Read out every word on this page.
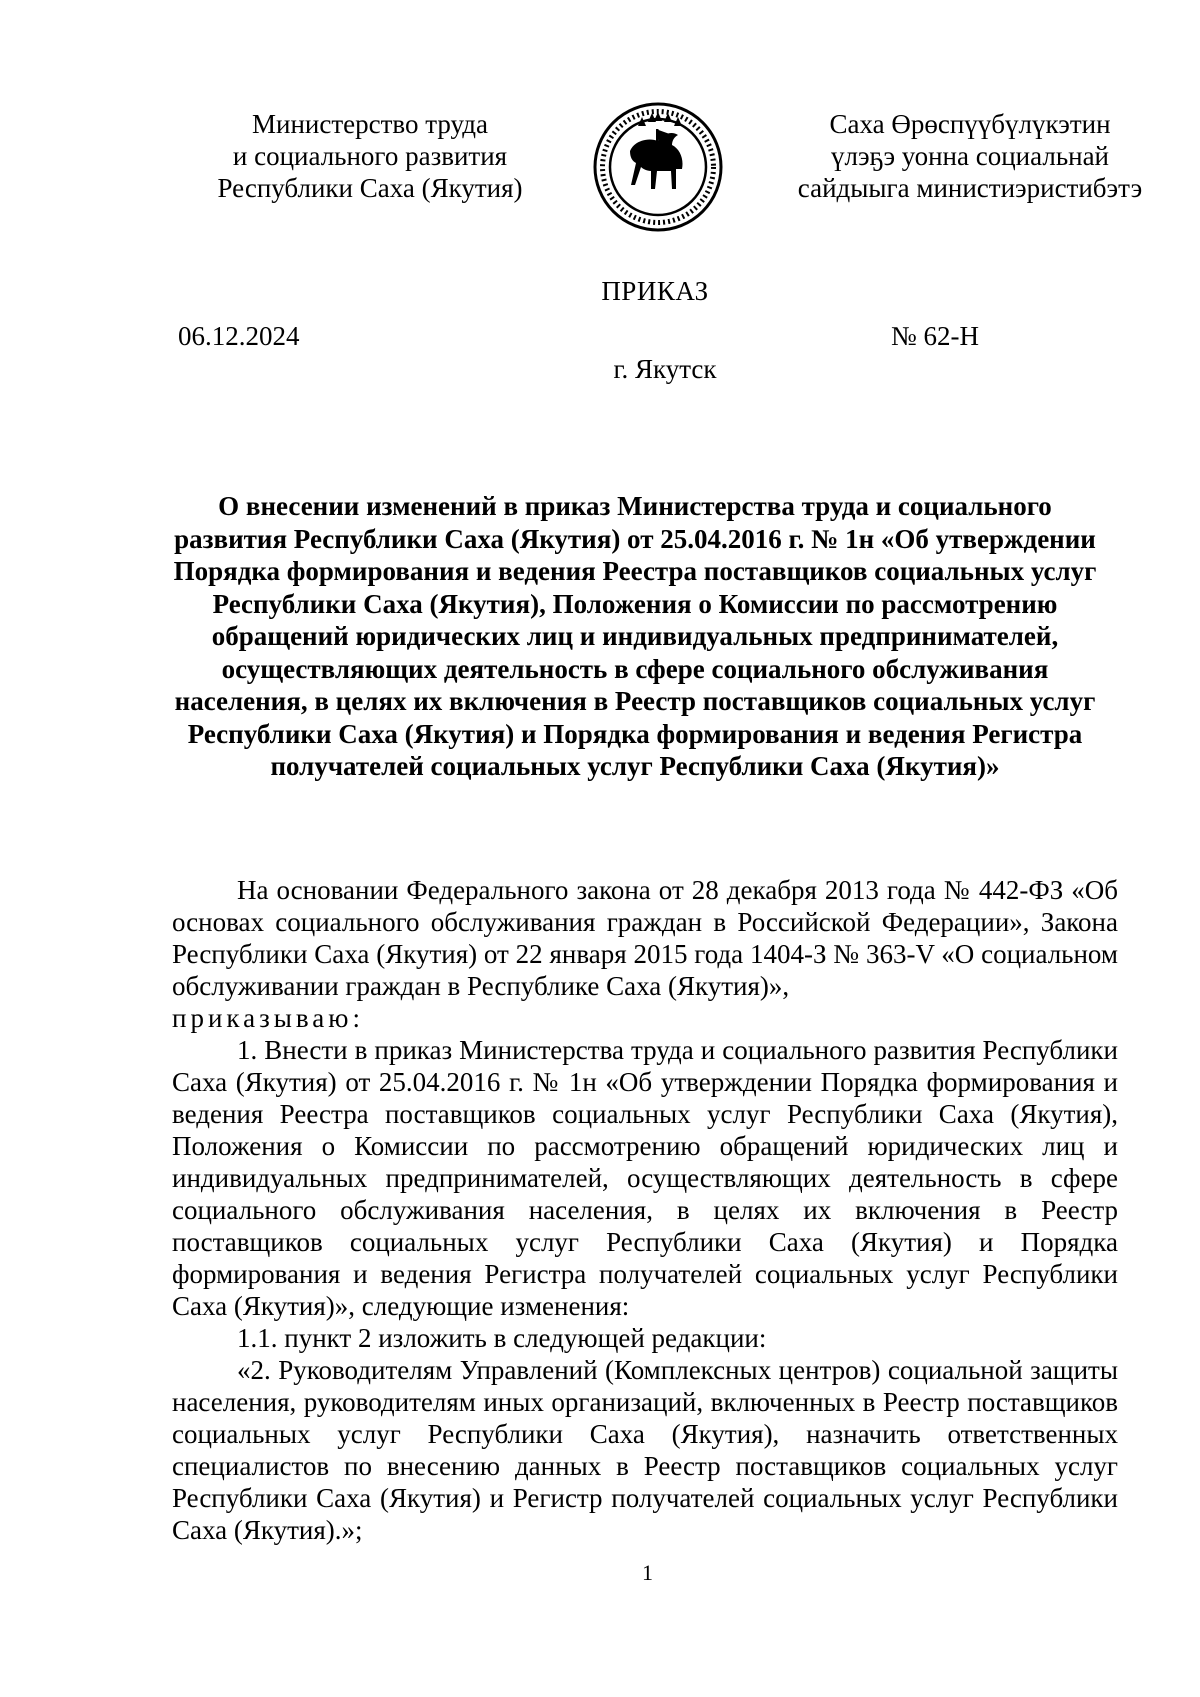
Министерство труда
и социального развития
Республики Саха (Якутия)
Саха Өрөспүүбүлүкэтин
үлэҕэ уонна социальнай
сайдыыга министиэристибэтэ
ПРИКАЗ
06.12.2024	№ 62-Н
г. Якутск
О внесении изменений в приказ Министерства труда и социального развития Республики Саха (Якутия) от 25.04.2016 г. № 1н «Об утверждении Порядка формирования и ведения Реестра поставщиков социальных услуг Республики Саха (Якутия), Положения о Комиссии по рассмотрению обращений юридических лиц и индивидуальных предпринимателей, осуществляющих деятельность в сфере социального обслуживания населения, в целях их включения в Реестр поставщиков социальных услуг Республики Саха (Якутия) и Порядка формирования и ведения Регистра получателей социальных услуг Республики Саха (Якутия)»

На основании Федерального закона от 28 декабря 2013 года № 442-ФЗ «Об основах социального обслуживания граждан в Российской Федерации», Закона Республики Саха (Якутия) от 22 января 2015 года 1404-З № 363-V «О социальном обслуживании граждан в Республике Саха (Якутия)»,
приказываю:

1. Внести в приказ Министерства труда и социального развития Республики Саха (Якутия) от 25.04.2016 г. № 1н «Об утверждении Порядка формирования и ведения Реестра поставщиков социальных услуг Республики Саха (Якутия), Положения о Комиссии по рассмотрению обращений юридических лиц и индивидуальных предпринимателей, осуществляющих деятельность в сфере социального обслуживания населения, в целях их включения в Реестр поставщиков социальных услуг Республики Саха (Якутия) и Порядка формирования и ведения Регистра получателей социальных услуг Республики Саха (Якутия)», следующие изменения:

1.1. пункт 2 изложить в следующей редакции:

«2. Руководителям Управлений (Комплексных центров) социальной защиты населения, руководителям иных организаций, включенных в Реестр поставщиков социальных услуг Республики Саха (Якутия), назначить ответственных специалистов по внесению данных в Реестр поставщиков социальных услуг Республики Саха (Якутия) и Регистр получателей социальных услуг Республики Саха (Якутия).»;

1
